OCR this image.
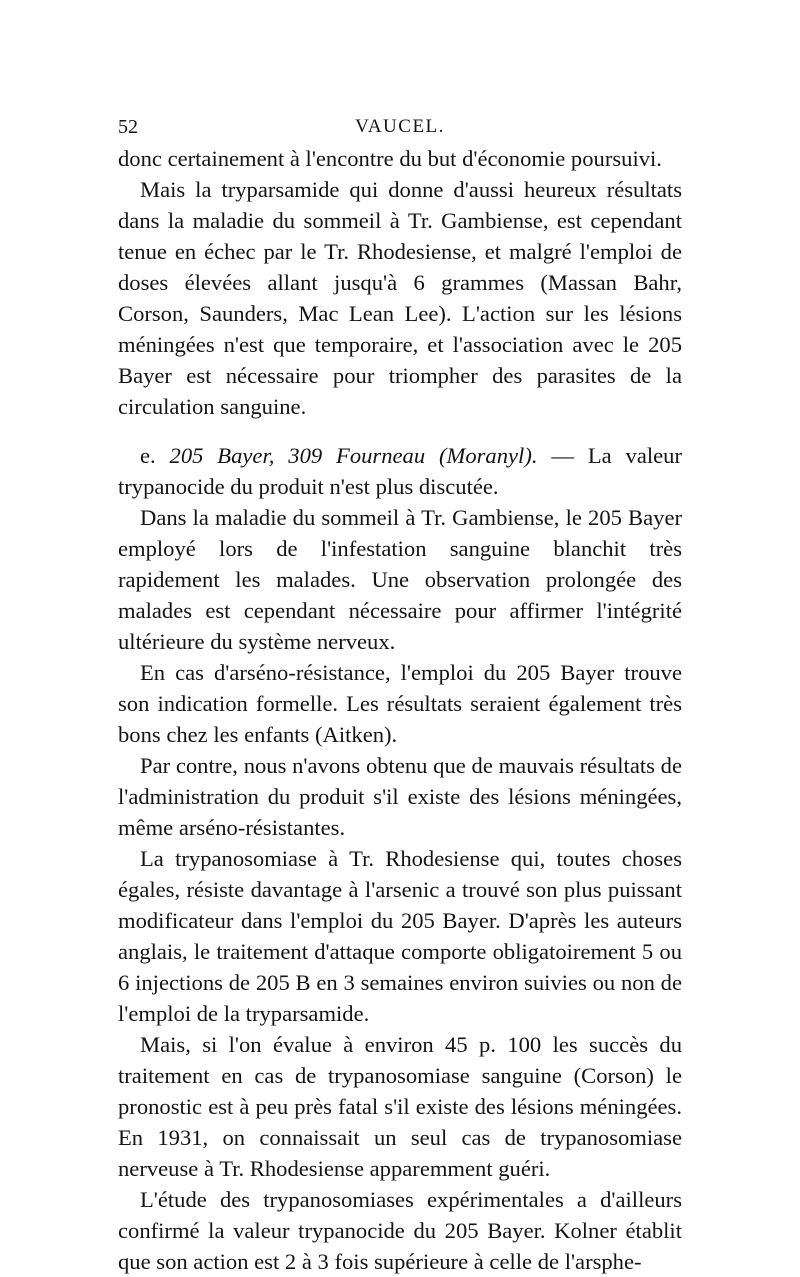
52	VAUCEL.

donc certainement à l'encontre du but d'économie poursuivi.

Mais la tryparsamide qui donne d'aussi heureux résultats dans la maladie du sommeil à Tr. Gambiense, est cependant tenue en échec par le Tr. Rhodesiense, et malgré l'emploi de doses élevées allant jusqu'à 6 grammes (Massan Bahr, Corson, Saunders, Mac Lean Lee). L'action sur les lésions méningées n'est que temporaire, et l'association avec le 205 Bayer est nécessaire pour triompher des parasites de la circulation sanguine.

e. 205 Bayer, 309 Fourneau (Moranyl). — La valeur trypanocide du produit n'est plus discutée.

Dans la maladie du sommeil à Tr. Gambiense, le 205 Bayer employé lors de l'infestation sanguine blanchit très rapidement les malades. Une observation prolongée des malades est cependant nécessaire pour affirmer l'intégrité ultérieure du système nerveux.

En cas d'arséno-résistance, l'emploi du 205 Bayer trouve son indication formelle. Les résultats seraient également très bons chez les enfants (Aitken).

Par contre, nous n'avons obtenu que de mauvais résultats de l'administration du produit s'il existe des lésions méningées, même arséno-résistantes.

La trypanosomiase à Tr. Rhodesiense qui, toutes choses égales, résiste davantage à l'arsenic a trouvé son plus puissant modificateur dans l'emploi du 205 Bayer. D'après les auteurs anglais, le traitement d'attaque comporte obligatoirement 5 ou 6 injections de 205 B en 3 semaines environ suivies ou non de l'emploi de la tryparsamide.

Mais, si l'on évalue à environ 45 p. 100 les succès du traitement en cas de trypanosomiase sanguine (Corson) le pronostic est à peu près fatal s'il existe des lésions méningées. En 1931, on connaissait un seul cas de trypanosomiase nerveuse à Tr. Rhodesiense apparemment guéri.

L'étude des trypanosomiases expérimentales a d'ailleurs confirmé la valeur trypanocide du 205 Bayer. Kolner établit que son action est 2 à 3 fois supérieure à celle de l'arsphe-
